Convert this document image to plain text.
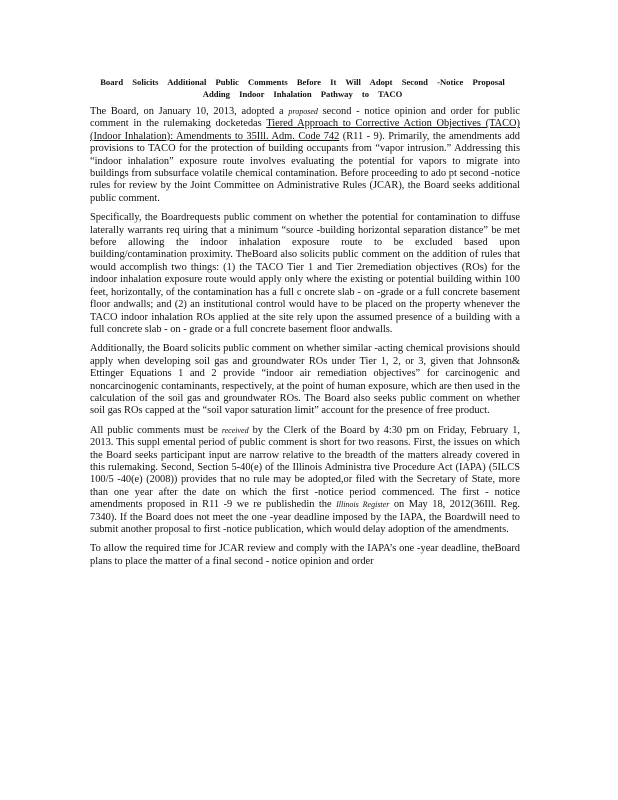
Board Solicits Additional Public Comments Before It Will Adopt Second -Notice Proposal Adding Indoor Inhalation Pathway to TACO

The Board, on January 10, 2013, adopted a proposed second - notice opinion and order for public comment in the rulemaking docketedas Tiered Approach to Corrective Action Objectives (TACO) (Indoor Inhalation): Amendments to 35Ill. Adm. Code 742 (R11 - 9). Primarily, the amendments add provisions to TACO for the protection of building occupants from “vapor intrusion.” Addressing this “indoor inhalation” exposure route involves evaluating the potential for vapors to migrate into buildings from subsurface volatile chemical contamination. Before proceeding to ado pt second -notice rules for review by the Joint Committee on Administrative Rules (JCAR), the Board seeks additional public comment.

Specifically, the Boardrequests public comment on whether the potential for contamination to diffuse laterally warrants req uiring that a minimum “source -building horizontal separation distance” be met before allowing the indoor inhalation exposure route to be excluded based upon building/contamination proximity. TheBoard also solicits public comment on the addition of rules that would accomplish two things: (1) the TACO Tier 1 and Tier 2remediation objectives (ROs) for the indoor inhalation exposure route would apply only where the existing or potential building within 100 feet, horizontally, of the contamination has a full c oncrete slab - on -grade or a full concrete basement floor andwalls; and (2) an institutional control would have to be placed on the property whenever the TACO indoor inhalation ROs applied at the site rely upon the assumed presence of a building with a full concrete slab - on - grade or a full concrete basement floor andwalls.

Additionally, the Board solicits public comment on whether similar -acting chemical provisions should apply when developing soil gas and groundwater ROs under Tier 1, 2, or 3, given that Johnson& Ettinger Equations 1 and 2 provide “indoor air remediation objectives” for carcinogenic and noncarcinogenic contaminants, respectively, at the point of human exposure, which are then used in the calculation of the soil gas and groundwater ROs. The Board also seeks public comment on whether soil gas ROs capped at the “soil vapor saturation limit” account for the presence of free product.

All public comments must be received by the Clerk of the Board by 4:30 pm on Friday, February 1, 2013. This suppl emental period of public comment is short for two reasons. First, the issues on which the Board seeks participant input are narrow relative to the breadth of the matters already covered in this rulemaking. Second, Section 5-40(e) of the Illinois Administra tive Procedure Act (IAPA) (5ILCS 100/5 -40(e) (2008)) provides that no rule may be adopted,or filed with the Secretary of State, more than one year after the date on which the first -notice period commenced. The first - notice amendments proposed in R11 -9 we re publishedin the Illinois Register on May 18, 2012(36Ill. Reg. 7340). If the Board does not meet the one -year deadline imposed by the IAPA, the Boardwill need to submit another proposal to first -notice publication, which would delay adoption of the amendments.

To allow the required time for JCAR review and comply with the IAPA’s one -year deadline, theBoard plans to place the matter of a final second - notice opinion and order
